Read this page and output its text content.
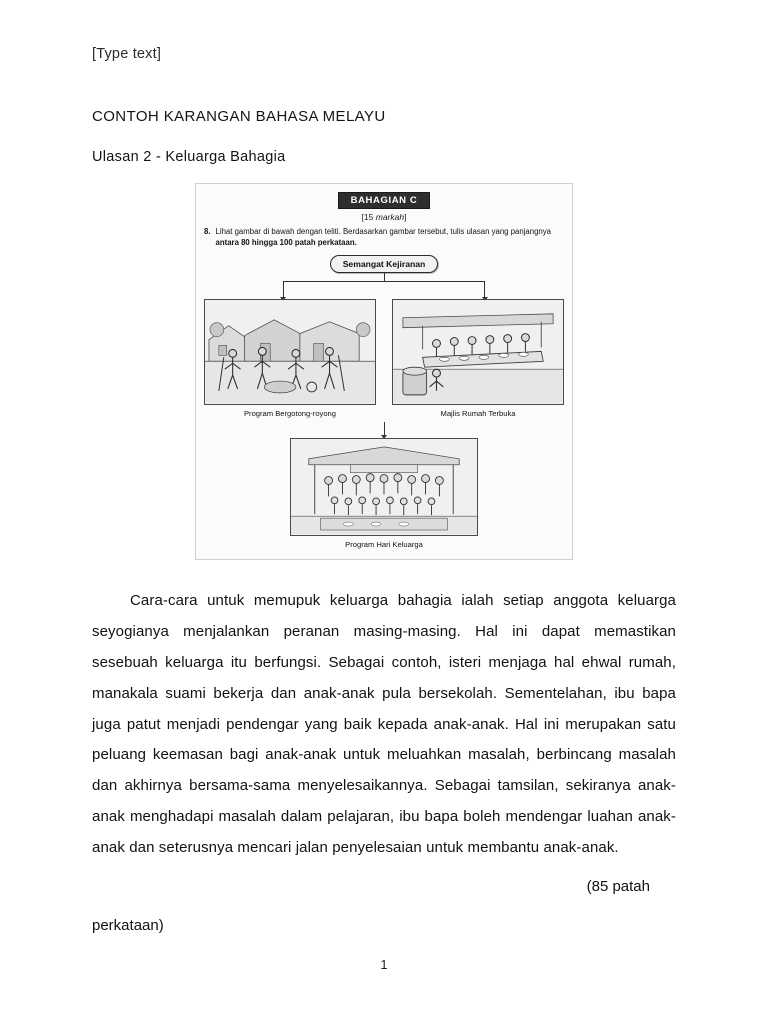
[Type text]
CONTOH KARANGAN BAHASA MELAYU
Ulasan 2 - Keluarga Bahagia
BAHAGIAN C
[15 markah]
8. Lihat gambar di bawah dengan teliti. Berdasarkan gambar tersebut, tulis ulasan yang panjangnya antara 80 hingga 100 patah perkataan.
Semangat Kejiranan
Program Bergotong-royong	Majlis Rumah Terbuka
Program Hari Keluarga

Cara-cara untuk memupuk keluarga bahagia ialah setiap anggota keluarga seyogianya menjalankan peranan masing-masing. Hal ini dapat memastikan sesebuah keluarga itu berfungsi. Sebagai contoh, isteri menjaga hal ehwal rumah, manakala suami bekerja dan anak-anak pula bersekolah. Sementelahan, ibu bapa juga patut menjadi pendengar yang baik kepada anak-anak. Hal ini merupakan satu peluang keemasan bagi anak-anak untuk meluahkan masalah, berbincang masalah dan akhirnya bersama-sama menyelesaikannya. Sebagai tamsilan, sekiranya anak-anak menghadapi masalah dalam pelajaran, ibu bapa boleh mendengar luahan anak-anak dan seterusnya mencari jalan penyelesaian untuk membantu anak-anak.

(85 patah
perkataan)
1
